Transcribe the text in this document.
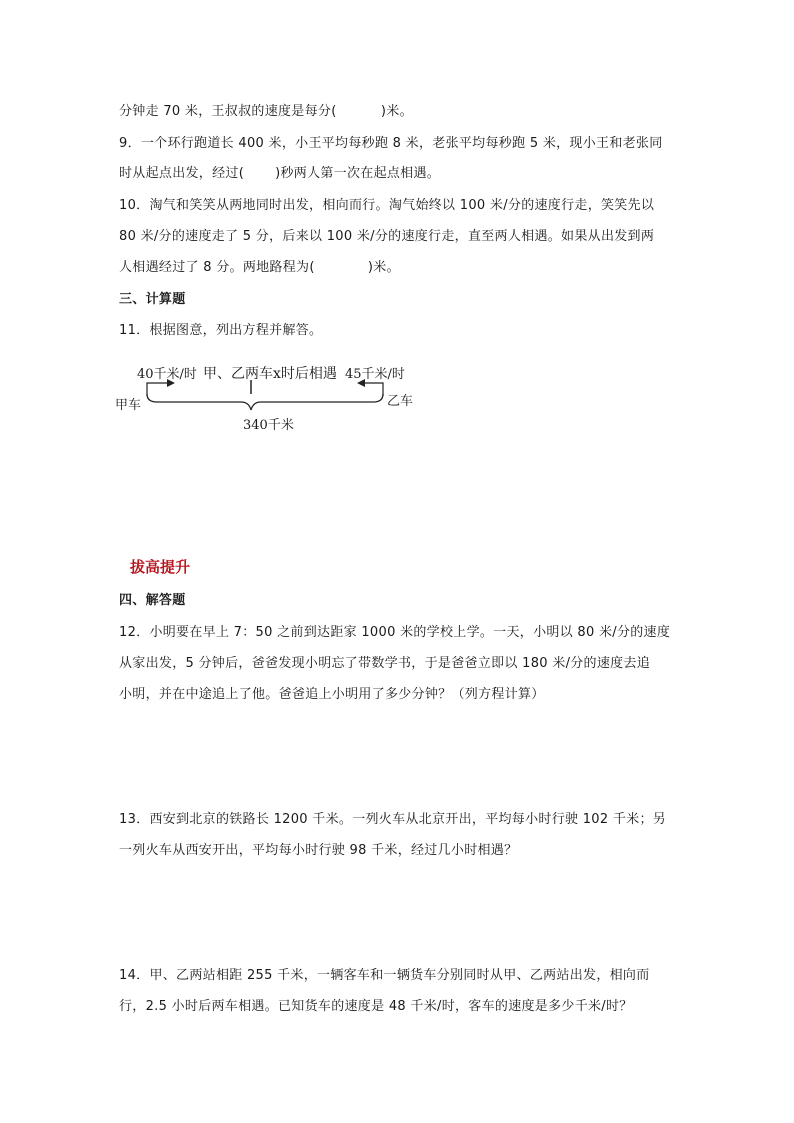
分钟走 70 米，王叔叔的速度是每分(          )米。

9．一个环行跑道长 400 米，小王平均每秒跑 8 米，老张平均每秒跑 5 米，现小王和老张同

时从起点出发，经过(       )秒两人第一次在起点相遇。

10．淘气和笑笑从两地同时出发，相向而行。淘气始终以 100 米/分的速度行走，笑笑先以

80 米/分的速度走了 5 分，后来以 100 米/分的速度行走，直至两人相遇。如果从出发到两

人相遇经过了 8 分。两地路程为(            )米。

三、计算题

11．根据图意，列出方程并解答。

40千米/时 甲、乙两车x时后相遇 45千米/时
甲车	乙车
340千米
拔高提升

四、解答题

12．小明要在早上 7：50 之前到达距家 1000 米的学校上学。一天，小明以 80 米/分的速度

从家出发，5 分钟后，爸爸发现小明忘了带数学书，于是爸爸立即以 180 米/分的速度去追

小明，并在中途追上了他。爸爸追上小明用了多少分钟？（列方程计算）

13．西安到北京的铁路长 1200 千米。一列火车从北京开出，平均每小时行驶 102 千米；另

一列火车从西安开出，平均每小时行驶 98 千米，经过几小时相遇？

14．甲、乙两站相距 255 千米，一辆客车和一辆货车分别同时从甲、乙两站出发，相向而

行，2.5 小时后两车相遇。已知货车的速度是 48 千米/时，客车的速度是多少千米/时？
